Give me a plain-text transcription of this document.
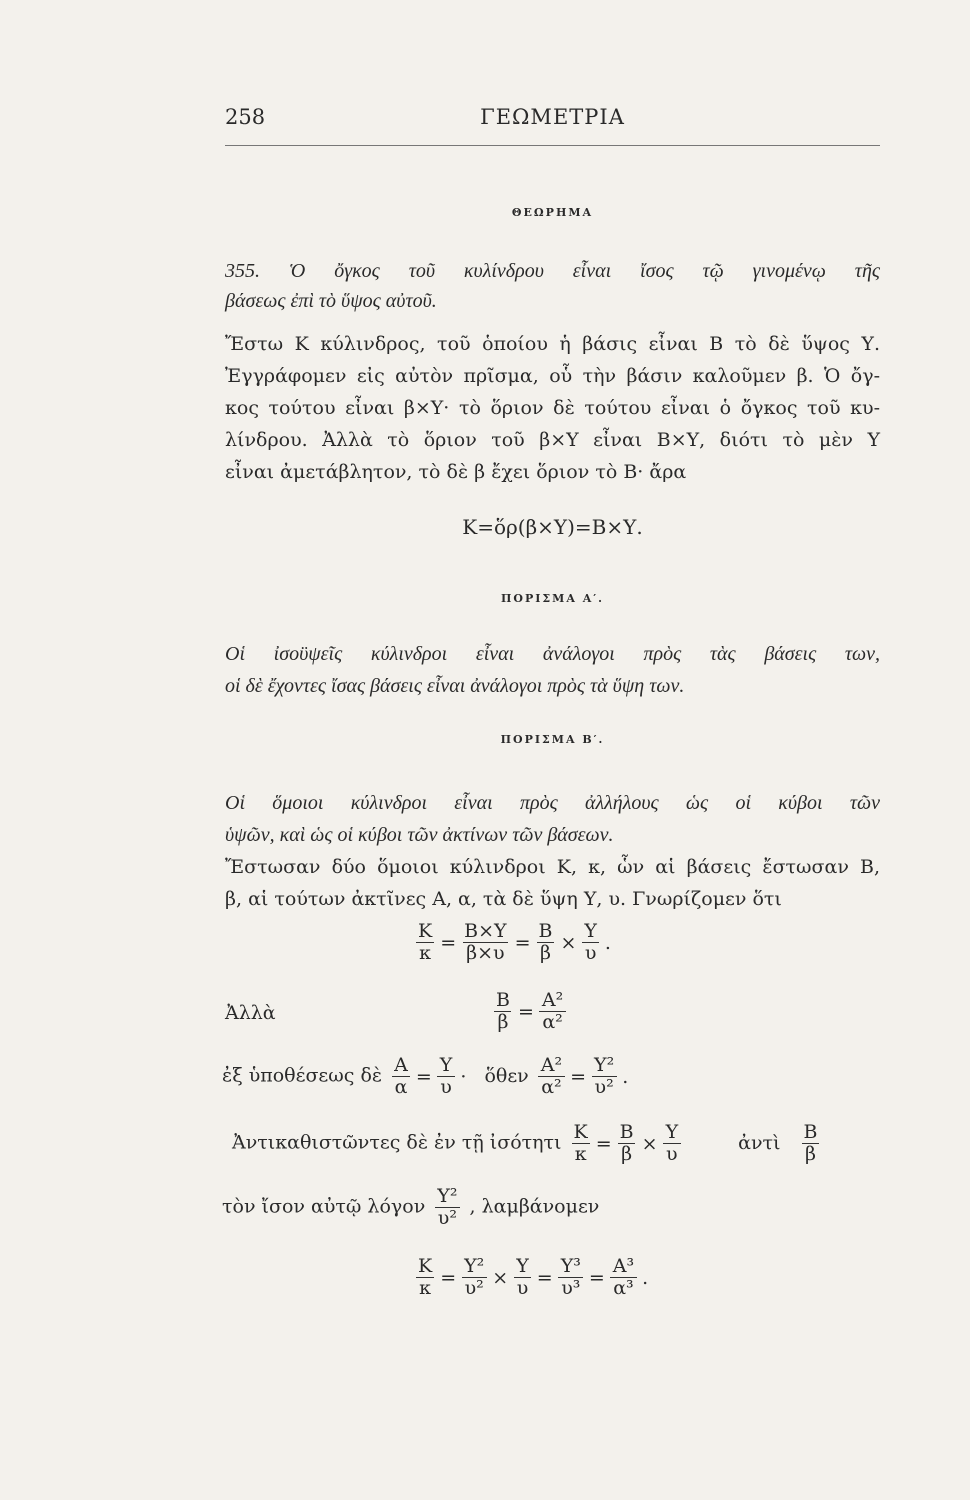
258	ΓΕΩΜΕΤΡΙΑ
ΘΕΩΡΗΜΑ
355. Ὁ ὄγκος τοῦ κυλίνδρου εἶναι ἴσος τῷ γινομένῳ τῆς
βάσεως ἐπὶ τὸ ὕψος αὐτοῦ.
Ἔστω Κ κύλινδρος, τοῦ ὁποίου ἡ βάσις εἶναι Β τὸ δὲ ὕψος Υ.
Ἐγγράφομεν εἰς αὐτὸν πρῖσμα, οὗ τὴν βάσιν καλοῦμεν β. Ὁ ὄγ-
κος τούτου εἶναι β×Υ· τὸ ὅριον δὲ τούτου εἶναι ὁ ὄγκος τοῦ κυ-
λίνδρου. Ἀλλὰ τὸ ὅριον τοῦ β×Υ εἶναι Β×Υ, διότι τὸ μὲν Υ
εἶναι ἀμετάβλητον, τὸ δὲ β ἔχει ὅριον τὸ Β· ἄρα
Κ=ὅρ(β×Υ)=Β×Υ.
ΠΟΡΙΣΜΑ Α′.
Οἱ ἰσοϋψεῖς κύλινδροι εἶναι ἀνάλογοι πρὸς τὰς βάσεις των,
οἱ δὲ ἔχοντες ἴσας βάσεις εἶναι ἀνάλογοι πρὸς τὰ ὕψη των.
ΠΟΡΙΣΜΑ Β′.
Οἱ ὅμοιοι κύλινδροι εἶναι πρὸς ἀλλήλους ὡς οἱ κύβοι τῶν
ὑψῶν, καὶ ὡς οἱ κύβοι τῶν ἀκτίνων τῶν βάσεων.
Ἔστωσαν δύο ὅμοιοι κύλινδροι Κ, κ, ὧν αἱ βάσεις ἔστωσαν Β,
β, αἱ τούτων ἀκτῖνες Α, α, τὰ δὲ ὕψη Υ, υ. Γνωρίζομεν ὅτι
$\frac{K}{\kappa} = \frac{B\times\Upsilon}{\beta\times\upsilon} = \frac{B}{\beta} \times \frac{\Upsilon}{\upsilon}$ .
Ἀλλὰ	$\frac{B}{\beta} = \frac{\text{Α²}}{\text{α²}}$
ἐξ ὑποθέσεως δὲ $\frac{A}{\alpha} = \frac{\Upsilon}{\upsilon}$ · ὅθεν $\frac{\text{Α²}}{\text{α²}} = \frac{\text{Υ²}}{\text{υ²}}$ .
Ἀντικαθιστῶντες δὲ ἐν τῇ ἰσότητι $\frac{K}{\kappa} = \frac{B}{\beta} \times \frac{\Upsilon}{\upsilon}$	ἀντὶ $\frac{B}{\beta}$
τὸν ἴσον αὐτῷ λόγον $\frac{\text{Υ²}}{\text{υ²}}$ , λαμβάνομεν
$\frac{K}{\kappa} = \frac{\text{Υ²}}{\text{υ²}} \times \frac{\Upsilon}{\upsilon} = \frac{\text{Υ³}}{\text{υ³}} = \frac{\text{Α³}}{\text{α³}}$ .
